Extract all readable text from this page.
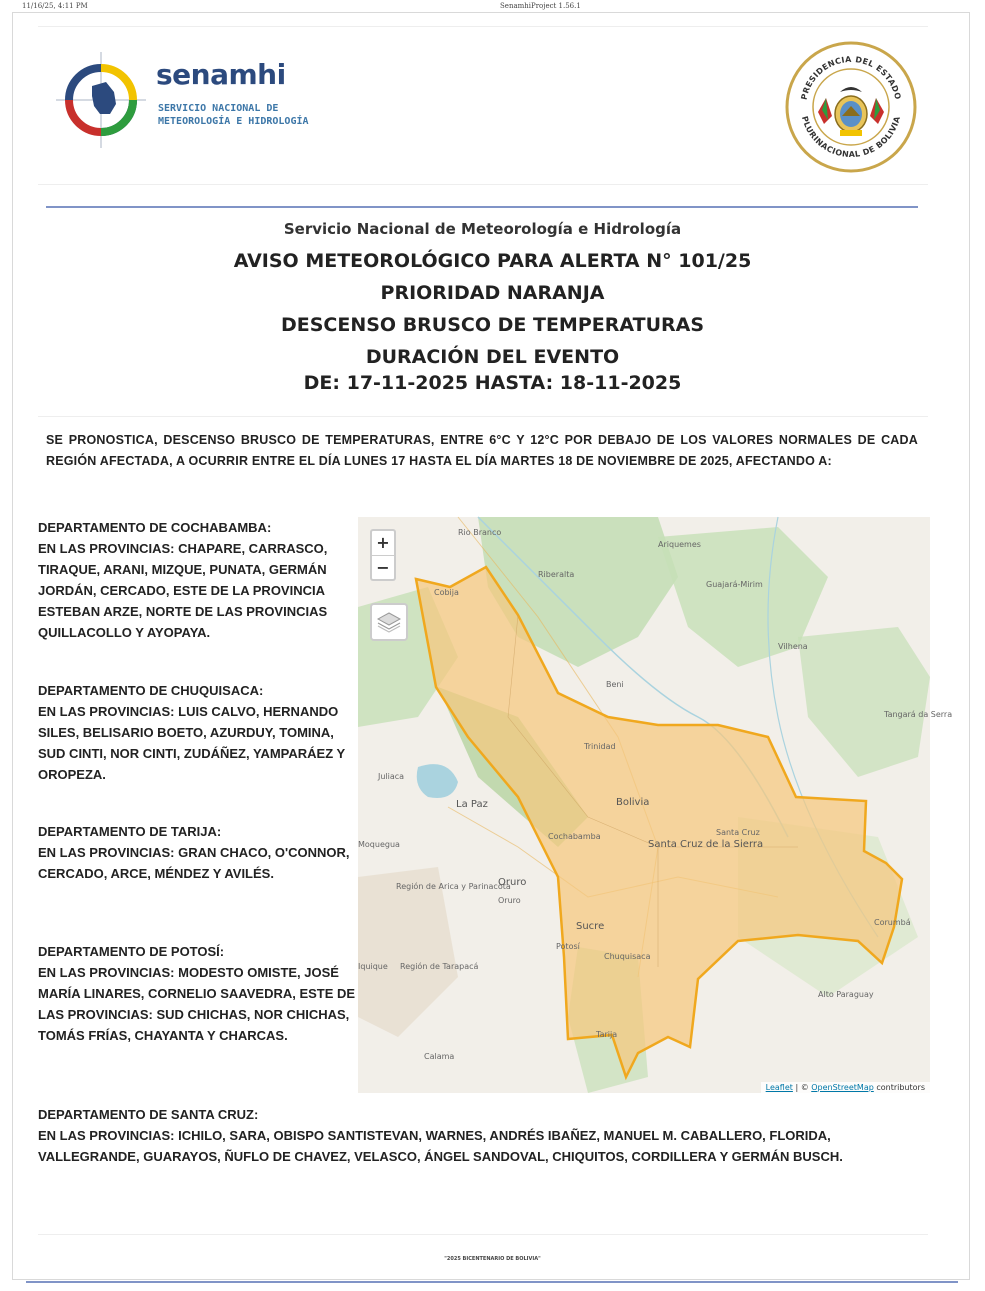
11/16/25, 4:11 PM	SenamhiProject 1.56.1
senamhi
SERVICIO NACIONAL DE METEOROLOGÍA E HIDROLOGÍA
PRESIDENCIA DEL ESTADO
PLURINACIONAL DE BOLIVIA
Servicio Nacional de Meteorología e Hidrología
AVISO METEOROLÓGICO PARA ALERTA N° 101/25
PRIORIDAD NARANJA
DESCENSO BRUSCO DE TEMPERATURAS
DURACIÓN DEL EVENTO
DE: 17-11-2025 HASTA: 18-11-2025
SE PRONOSTICA, DESCENSO BRUSCO DE TEMPERATURAS, ENTRE 6°C Y 12°C POR DEBAJO DE LOS VALORES NORMALES DE CADA REGIÓN AFECTADA, A OCURRIR ENTRE EL DÍA LUNES 17 HASTA EL DÍA MARTES 18 DE NOVIEMBRE DE 2025, AFECTANDO A:
DEPARTAMENTO DE COCHABAMBA:
EN LAS PROVINCIAS: CHAPARE, CARRASCO, TIRAQUE, ARANI, MIZQUE, PUNATA, GERMÁN JORDÁN, CERCADO, ESTE DE LA PROVINCIA ESTEBAN ARZE, NORTE DE LAS PROVINCIAS QUILLACOLLO Y AYOPAYA.
DEPARTAMENTO DE CHUQUISACA:
EN LAS PROVINCIAS: LUIS CALVO, HERNANDO SILES, BELISARIO BOETO, AZURDUY, TOMINA, SUD CINTI, NOR CINTI, ZUDÁÑEZ, YAMPARÁEZ Y OROPEZA.
DEPARTAMENTO DE TARIJA:
EN LAS PROVINCIAS: GRAN CHACO, O'CONNOR, CERCADO, ARCE, MÉNDEZ Y AVILÉS.
DEPARTAMENTO DE POTOSÍ:
EN LAS PROVINCIAS: MODESTO OMISTE, JOSÉ MARÍA LINARES, CORNELIO SAAVEDRA, ESTE DE LAS PROVINCIAS: SUD CHICHAS, NOR CHICHAS, TOMÁS FRÍAS, CHAYANTA Y CHARCAS.
DEPARTAMENTO DE SANTA CRUZ:
EN LAS PROVINCIAS: ICHILO, SARA, OBISPO SANTISTEVAN, WARNES, ANDRÉS IBAÑEZ, MANUEL M. CABALLERO, FLORIDA, VALLEGRANDE, GUARAYOS, ÑUFLO DE CHAVEZ, VELASCO, ÁNGEL SANDOVAL, CHIQUITOS, CORDILLERA Y GERMÁN BUSCH.
Rio Branco
Ariquemes
Riberalta
Guajará-Mirim
Cobija
Vilhena
Beni
Tangará da Serra
Trinidad
Bolivia
Juliaca
La Paz
Cochabamba	Santa Cruz
Santa Cruz de la Sierra
Moquegua
Oruro
Oruro
Región de Arica y Parinacota
Sucre
Potosí
Chuquisaca
Corumbá
Iquique Región de Tarapacá
Alto Paraguay
Tarija
Calama
+
−
Leaflet | © OpenStreetMap contributors
"2025 BICENTENARIO DE BOLIVIA"
